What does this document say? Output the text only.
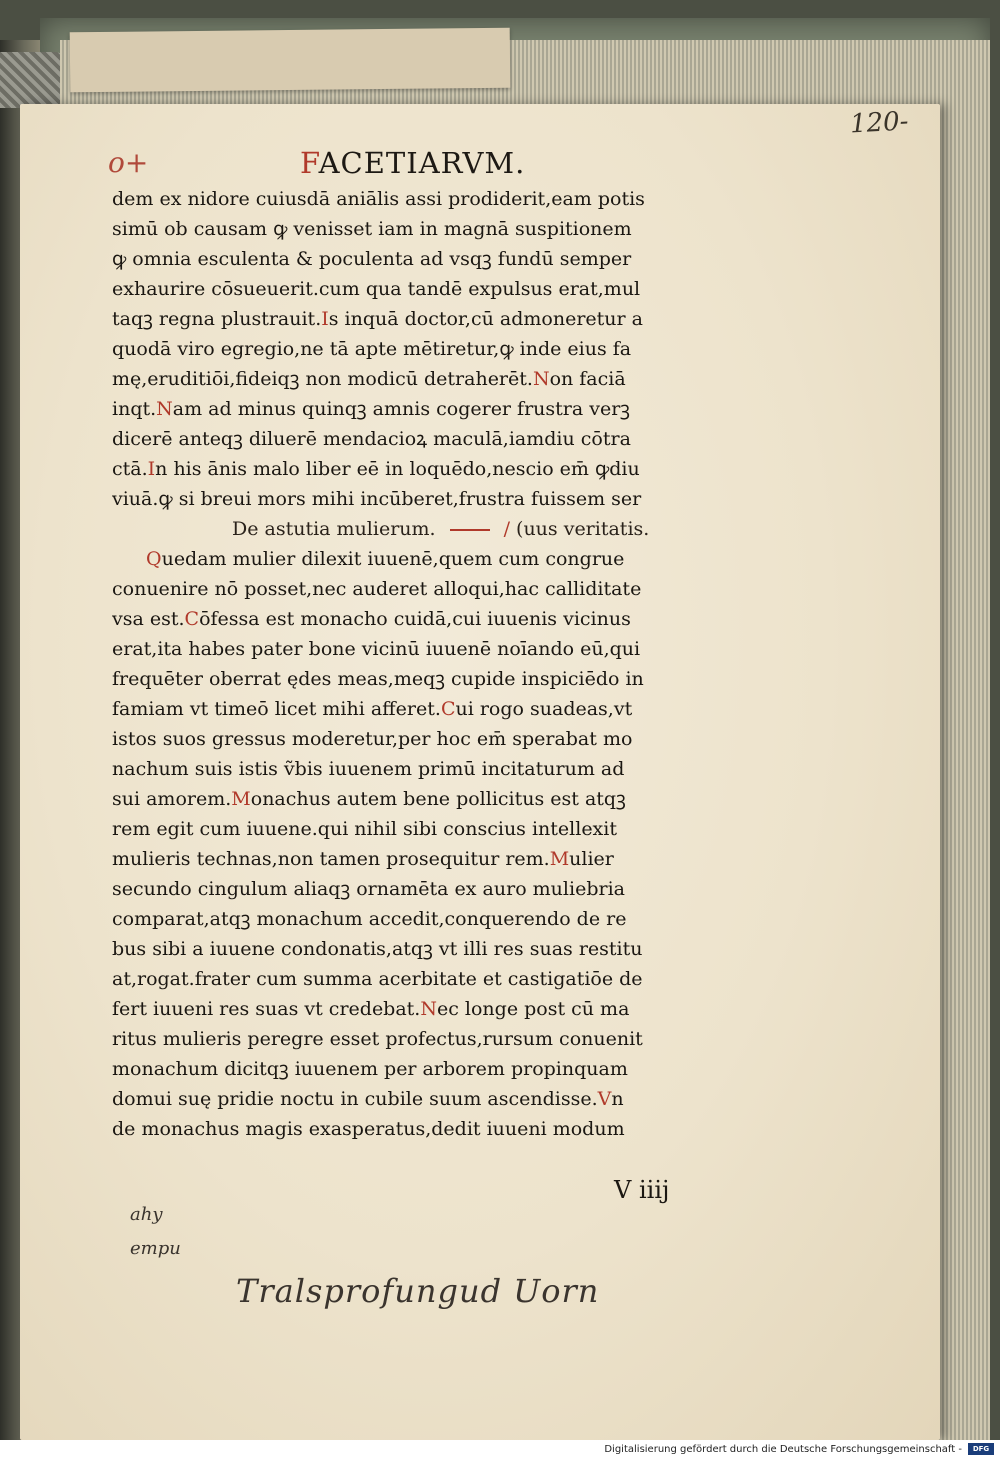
120-
o+	FACETIARVM.
dem ex nidore cuiusdā aniālis assi prodiderit,eam potis
simū ob causam ꝙ venisset iam in magnā suspitionem
ꝙ omnia esculenta & poculenta ad vsqꝫ fundū semper
exhaurire cōsueuerit.cum qua tandē expulsus erat,mul
taqꝫ regna plustrauit.Is inquā doctor,cū admoneretur a
quodā viro egregio,ne tā apte mētiretur,ꝙ inde eius fa
mę,eruditiōi,fideiqꝫ non modicū detraherēt.Non faciā
inqt.Nam ad minus quinqꝫ amnis cogerer frustra verꝫ
dicerē anteqꝫ diluerē mendacioꝝ maculā,iamdiu cōtra
ctā.In his ānis malo liber eē in loquēdo,nescio em̄ ꝙdiu
viuā.ꝙ si breui mors mihi incūberet,frustra fuissem ser
De astutia mulierum.	/ (uus veritatis.
Quedam mulier dilexit iuuenē,quem cum congrue
conuenire nō posset,nec auderet alloqui,hac calliditate
vsa est.Cōfessa est monacho cuidā,cui iuuenis vicinus
erat,ita habes pater bone vicinū iuuenē noīando eū,qui
frequēter oberrat ędes meas,meqꝫ cupide inspiciēdo in
famiam vt timeō licet mihi afferet.Cui rogo suadeas,vt
istos suos gressus moderetur,per hoc em̄ sperabat mo
nachum suis istis ṽbis iuuenem primū incitaturum ad
sui amorem.Monachus autem bene pollicitus est atqꝫ
rem egit cum iuuene.qui nihil sibi conscius intellexit
mulieris technas,non tamen prosequitur rem.Mulier
secundo cingulum aliaqꝫ ornamēta ex auro muliebria
comparat,atqꝫ monachum accedit,conquerendo de re
bus sibi a iuuene condonatis,atqꝫ vt illi res suas restitu
at,rogat.frater cum summa acerbitate et castigatiōe de
fert iuueni res suas vt credebat.Nec longe post cū ma
ritus mulieris peregre esset profectus,rursum conuenit
monachum dicitqꝫ iuuenem per arborem propinquam
domui suę pridie noctu in cubile suum ascendisse.Vn
de monachus magis exasperatus,dedit iuueni modum
V iiij
ahy
empu
Tralsprofungud Uorn
Digitalisierung gefördert durch die Deutsche Forschungsgemeinschaft - DFG
